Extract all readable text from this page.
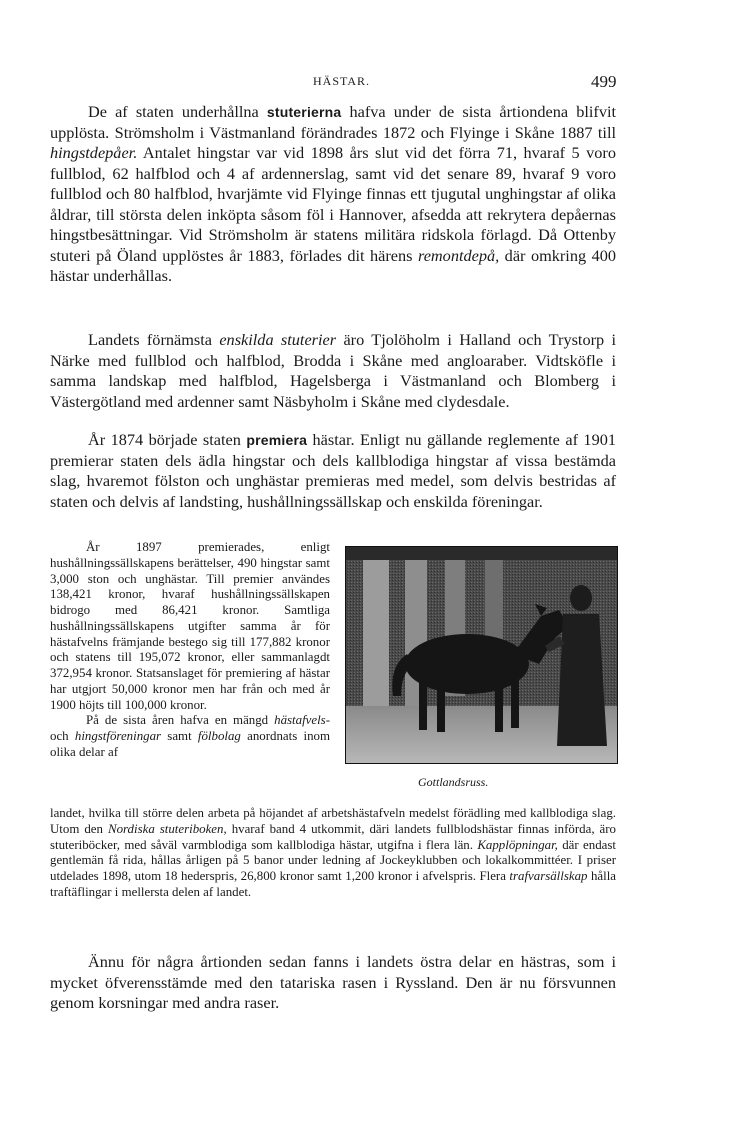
HÄSTAR.	499

De af staten underhållna stuterierna hafva under de sista årtiondena blifvit upplösta. Strömsholm i Västmanland förändrades 1872 och Flyinge i Skåne 1887 till hingstdepåer. Antalet hingstar var vid 1898 års slut vid det förra 71, hvaraf 5 voro fullblod, 62 halfblod och 4 af ardennerslag, samt vid det senare 89, hvaraf 9 voro fullblod och 80 halfblod, hvarjämte vid Flyinge finnas ett tjugutal unghingstar af olika åldrar, till största delen inköpta såsom föl i Hannover, afsedda att rekrytera depåernas hingstbesättningar. Vid Strömsholm är statens militära ridskola förlagd. Då Ottenby stuteri på Öland upplöstes år 1883, förlades dit härens remontdepå, där omkring 400 hästar underhållas.

Landets förnämsta enskilda stuterier äro Tjolöholm i Halland och Trystorp i Närke med fullblod och halfblod, Brodda i Skåne med angloaraber. Vidtsköfle i samma landskap med halfblod, Hagelsberga i Västmanland och Blomberg i Västergötland med ardenner samt Näsbyholm i Skåne med clydesdale.

År 1874 började staten premiera hästar. Enligt nu gällande reglemente af 1901 premierar staten dels ädla hingstar och dels kallblodiga hingstar af vissa bestämda slag, hvaremot fölston och unghästar premieras med medel, som delvis bestridas af staten och delvis af landsting, hushållningssällskap och enskilda föreningar.

År 1897 premierades, enligt hushållningssällskapens berättelser, 490 hingstar samt 3,000 ston och unghästar. Till premier användes 138,421 kronor, hvaraf hushållningssällskapen bidrogo med 86,421 kronor. Samtliga hushållningssällskapens utgifter samma år för hästafvelns främjande bestego sig till 177,882 kronor och statens till 195,072 kronor, eller sammanlagdt 372,954 kronor. Statsanslaget för premiering af hästar har utgjort 50,000 kronor men har från och med år 1900 höjts till 100,000 kronor.

På de sista åren hafva en mängd hästafvels- och hingstföreningar samt fölbolag anordnats inom olika delar af

Gottlandsruss.

landet, hvilka till större delen arbeta på höjandet af arbetshästafveln medelst förädling med kallblodiga slag. Utom den Nordiska stuteriboken, hvaraf band 4 utkommit, däri landets fullblodshästar finnas införda, äro stuteriböcker, med såväl varmblodiga som kallblodiga hästar, utgifna i flera län. Kapplöpningar, där endast gentlemän få rida, hållas årligen på 5 banor under ledning af Jockeyklubben och lokalkommittéer. I priser utdelades 1898, utom 18 hederspris, 26,800 kronor samt 1,200 kronor i afvelspris. Flera trafvarsällskap hålla traftäflingar i mellersta delen af landet.

Ännu för några årtionden sedan fanns i landets östra delar en hästras, som i mycket öfverensstämde med den tatariska rasen i Ryssland. Den är nu försvunnen genom korsningar med andra raser.
